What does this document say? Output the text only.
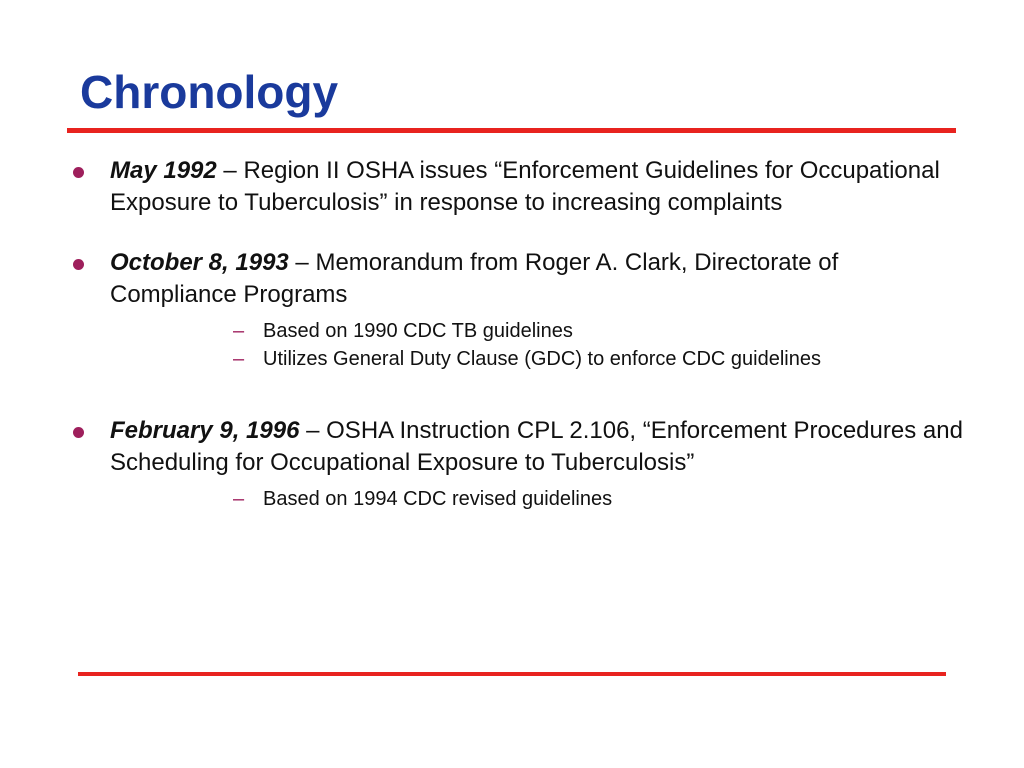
Chronology
May 1992 – Region II OSHA issues “Enforcement Guidelines for Occupational Exposure to Tuberculosis” in response to increasing complaints
October 8, 1993 – Memorandum from Roger A. Clark, Directorate of Compliance Programs
– Based on 1990 CDC TB guidelines
– Utilizes General Duty Clause (GDC) to enforce CDC guidelines
February 9, 1996 – OSHA Instruction CPL 2.106, “Enforcement Procedures and Scheduling for Occupational Exposure to Tuberculosis”
– Based on 1994 CDC revised guidelines
